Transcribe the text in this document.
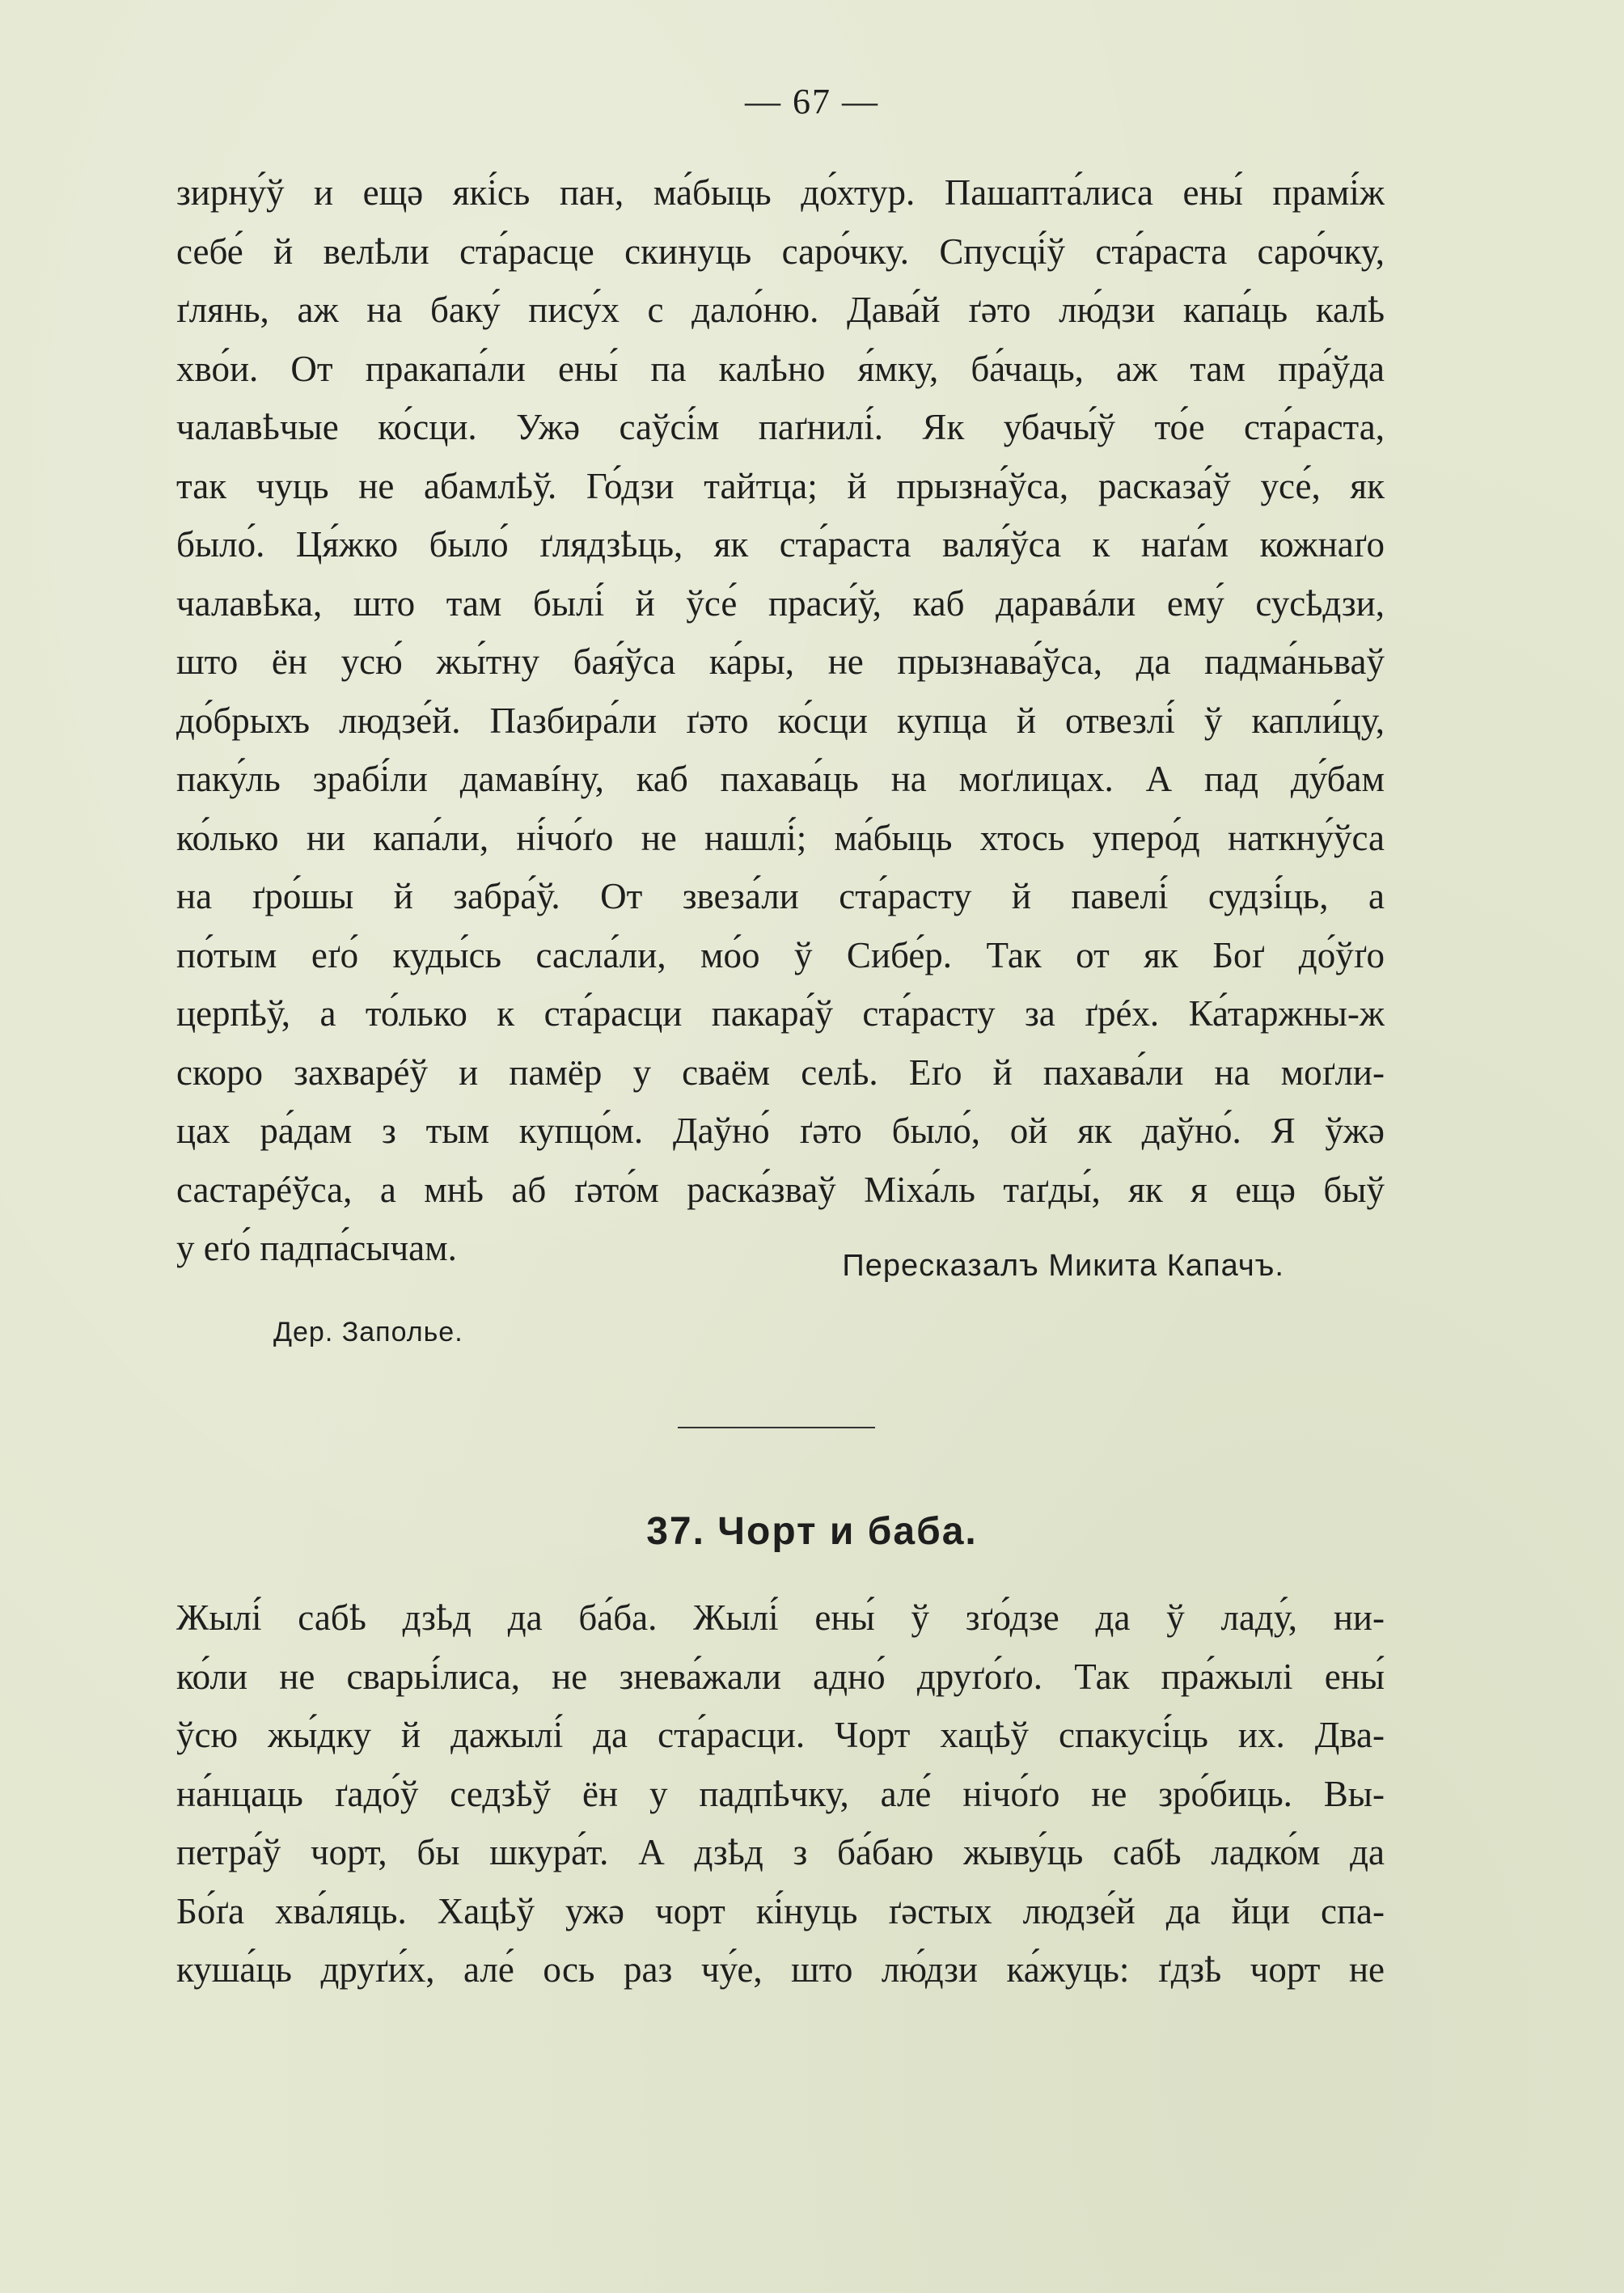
— 67 —
зирну́ў и ещә які́сь пан, ма́быць до́хтур. Пашапта́лиса ены́ прамі́ж
себе́ й велҍли ста́расце скинуць саро́чку. Спусці́ў ста́раста саро́чку,
ґлянь, аж на баку́ пису́х с дало́ню. Дава́й ґәто лю́дзи капа́ць калҍ
хво́и. От пракапа́ли ены́ па калҍно я́мку, ба́чаць, аж там пра́ўда
чалавҍчые ко́сци. Ужә саўсі́м паґнилі́. Як убачы́ў то́е ста́раста,
так чуць не абамлҍў. Го́дзи тайтца; й прызна́ўса, расказа́ў усе́, як
было́. Ця́жко было́ ґлядзҍць, як ста́раста валя́ўса к наґа́м кожнаґо
чалавҍка, што там былі́ й ўсе́ праси́ў, каб даравáли ему́ сусҍдзи,
што ён усю́ жы́тну бая́ўса ка́ры, не прызнава́ўса, да падма́ньваў
до́брыхъ людзе́й. Пазбира́ли ґәто ко́сци купца й отвезлі́ ў капли́цу,
паку́ль зрабі́ли дамавíну, каб пахава́ць на моґлицах. А пад ду́бам
ко́лько ни капа́ли, ні́чо́ґо не нашлі́; ма́быць хтось уперо́д наткну́ўса
на ґро́шы й забра́ў. От звеза́ли ста́расту й павелі́ судзі́ць, а
по́тым еґо́ куды́сь сасла́ли, мо́о ў Сибе́р. Так от як Боґ до́ўґо
церпҍў, а то́лько к ста́расци пакара́ў ста́расту за ґрéх. Ка́таржны-ж
скоро захварéў и памёр у сваём селҍ. Еґо й пахава́ли на моґли-
цах ра́дам з тым купцо́м. Даўно́ ґәто было́, ой як даўно́. Я ўжә
састарéўса, а мнҍ аб ґәто́м раска́зваў Міха́ль таґды́, як я ещә быў
у еґо́ падпа́сычам.	Пересказалъ Микита Капачъ.
Дер. Заполье.
37. Чорт и баба.
Жылі́ сабҍ дзҍд да ба́ба. Жылі́ ены́ ў зґо́дзе да ў ладу́, ни-
ко́ли не сварьі́лиса, не знева́жали адно́ друґо́ґо. Так пра́жылі ены́
ўсю жы́дку й дажылі́ да ста́расци. Чорт хацҍў спакусі́ць их. Два-
на́нцаць ґадо́ў седзҍў ён у падпҍчку, але́ нічо́ґо не зро́биць. Вы-
петра́ў чорт, бы шкура́т. А дзҍд з ба́баю жыву́ць сабҍ ладко́м да
Бо́ґа хва́ляць. Хацҍў ужә чорт кі́нуць ґәстых людзе́й да йци спа-
куша́ць друґи́х, але́ ось раз чу́е, што лю́дзи ка́жуць: ґдзҍ чорт не
